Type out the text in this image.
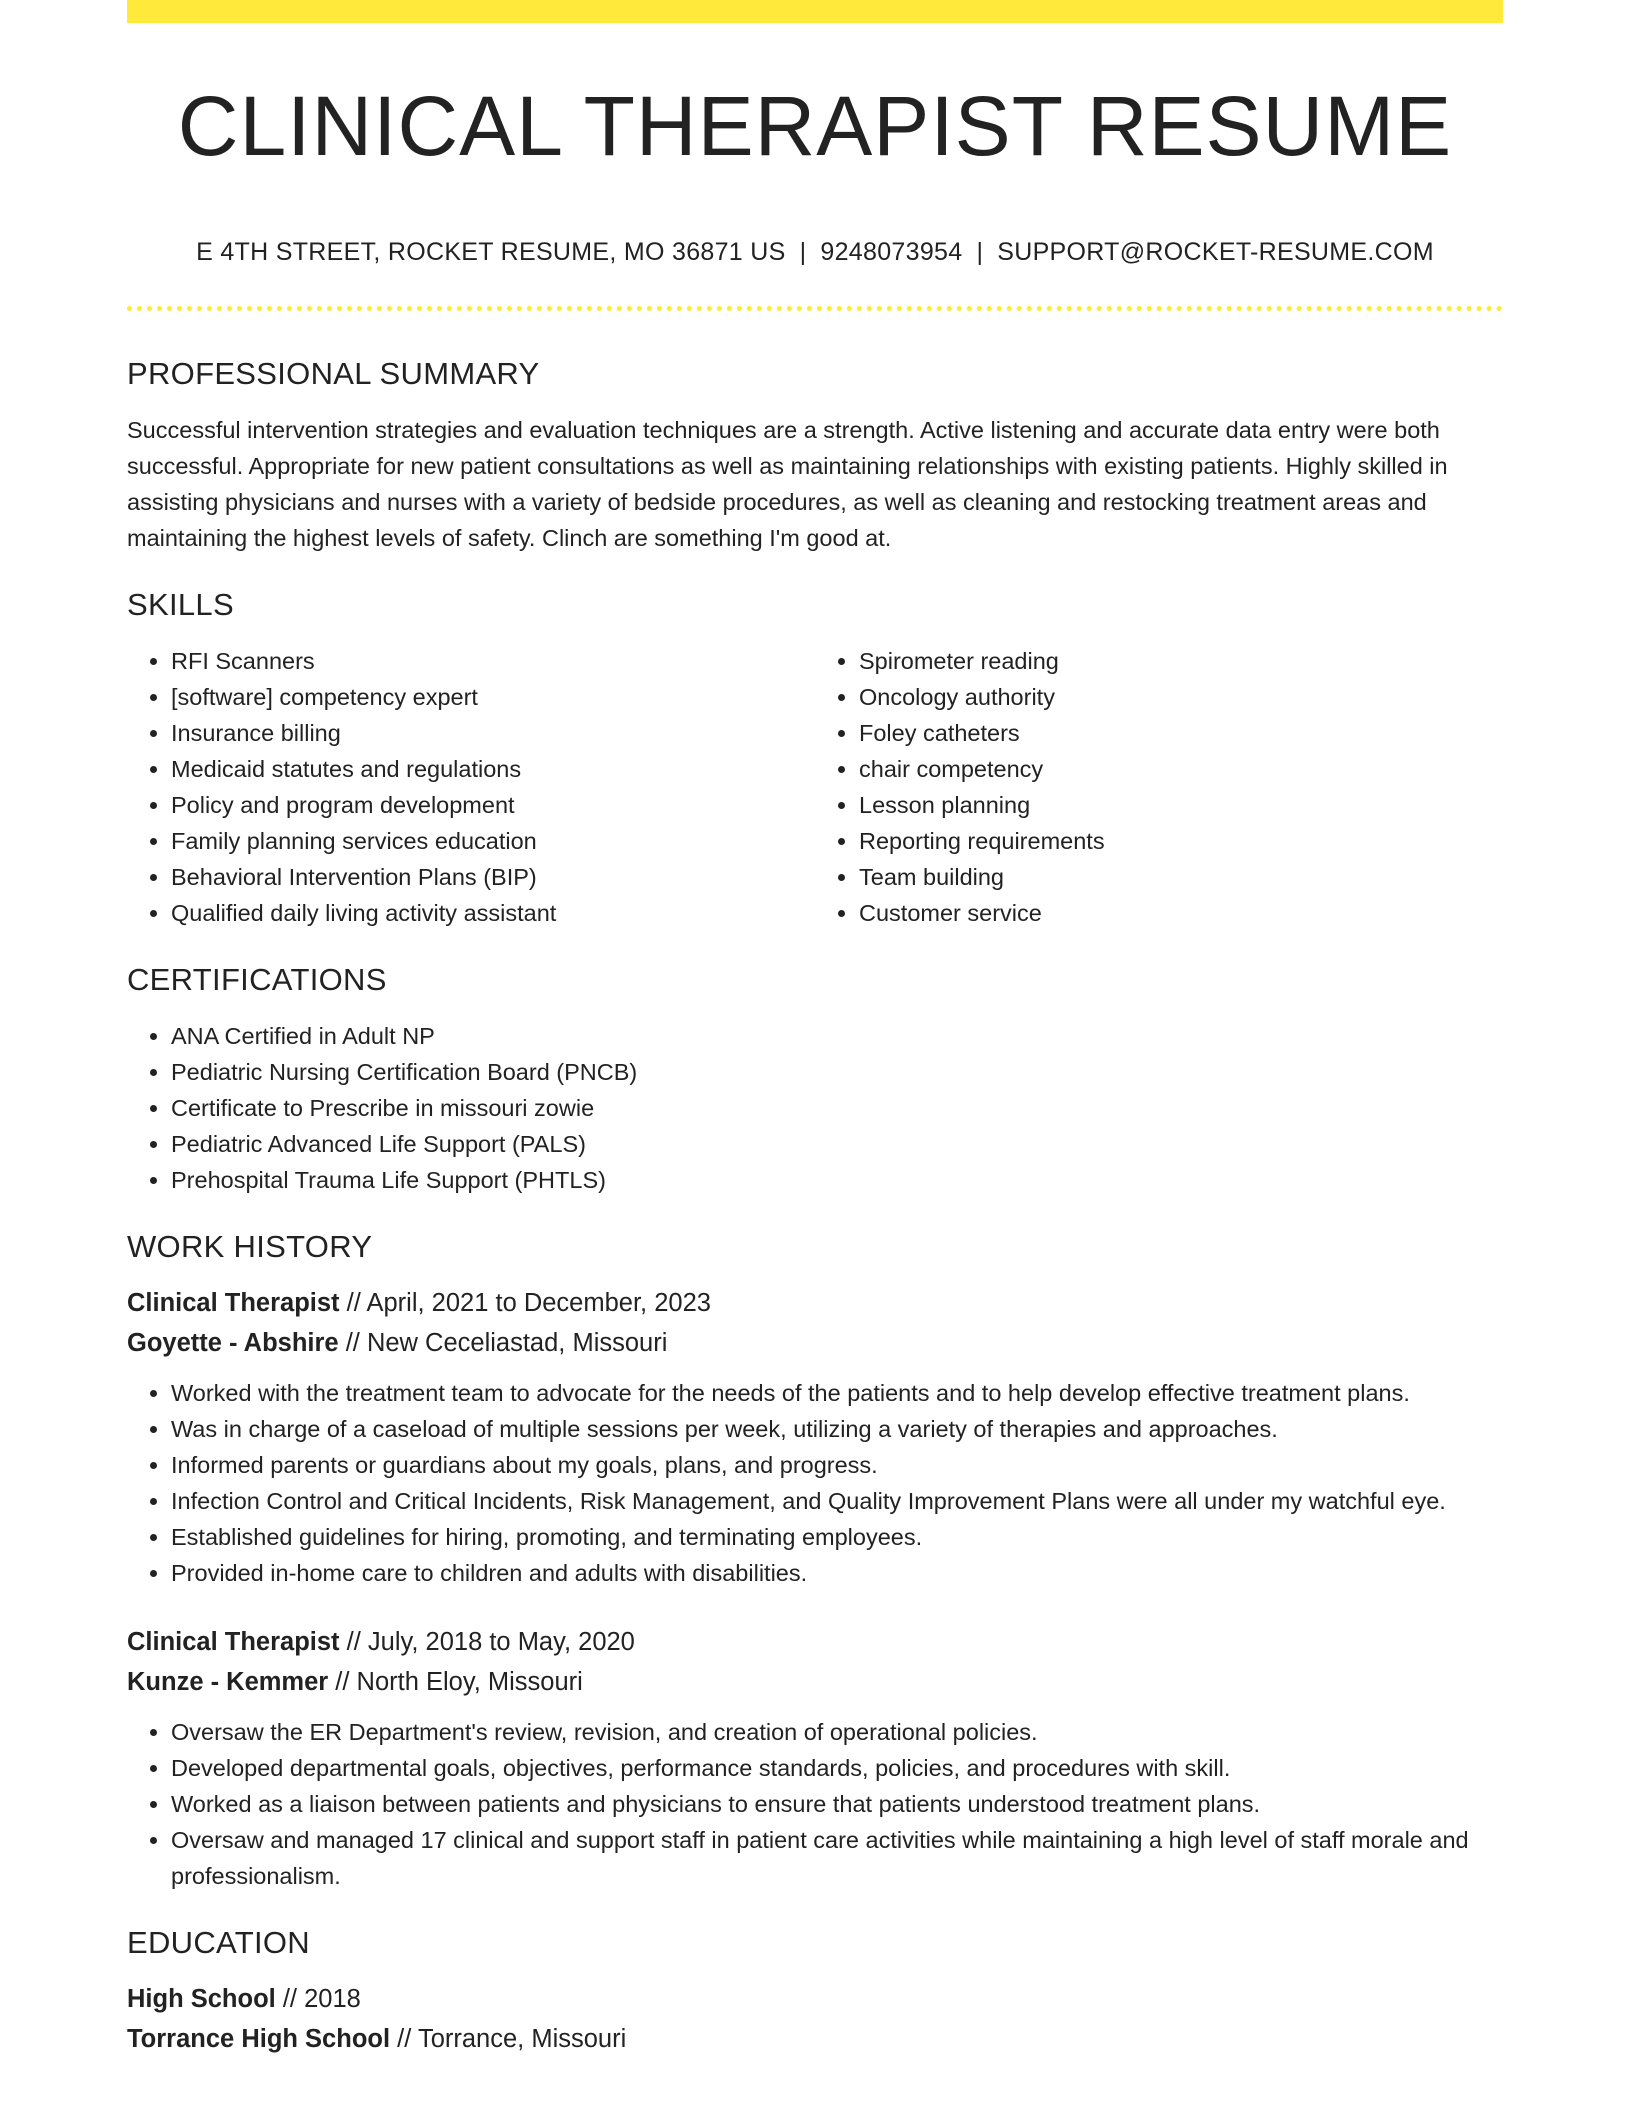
CLINICAL THERAPIST RESUME
E 4TH STREET, ROCKET RESUME, MO 36871 US | 9248073954 | SUPPORT@ROCKET-RESUME.COM
PROFESSIONAL SUMMARY

Successful intervention strategies and evaluation techniques are a strength. Active listening and accurate data entry were both successful. Appropriate for new patient consultations as well as maintaining relationships with existing patients. Highly skilled in assisting physicians and nurses with a variety of bedside procedures, as well as cleaning and restocking treatment areas and maintaining the highest levels of safety. Clinch are something I'm good at.

SKILLS
• RFI Scanners
• [software] competency expert
• Insurance billing
• Medicaid statutes and regulations
• Policy and program development
• Family planning services education
• Behavioral Intervention Plans (BIP)
• Qualified daily living activity assistant
• Spirometer reading
• Oncology authority
• Foley catheters
• chair competency
• Lesson planning
• Reporting requirements
• Team building
• Customer service
CERTIFICATIONS
• ANA Certified in Adult NP
• Pediatric Nursing Certification Board (PNCB)
• Certificate to Prescribe in missouri zowie
• Pediatric Advanced Life Support (PALS)
• Prehospital Trauma Life Support (PHTLS)
WORK HISTORY
Clinical Therapist // April, 2021 to December, 2023
Goyette - Abshire // New Ceceliastad, Missouri
• Worked with the treatment team to advocate for the needs of the patients and to help develop effective treatment plans.
• Was in charge of a caseload of multiple sessions per week, utilizing a variety of therapies and approaches.
• Informed parents or guardians about my goals, plans, and progress.
• Infection Control and Critical Incidents, Risk Management, and Quality Improvement Plans were all under my watchful eye.
• Established guidelines for hiring, promoting, and terminating employees.
• Provided in-home care to children and adults with disabilities.
Clinical Therapist // July, 2018 to May, 2020
Kunze - Kemmer // North Eloy, Missouri
• Oversaw the ER Department's review, revision, and creation of operational policies.
• Developed departmental goals, objectives, performance standards, policies, and procedures with skill.
• Worked as a liaison between patients and physicians to ensure that patients understood treatment plans.
• Oversaw and managed 17 clinical and support staff in patient care activities while maintaining a high level of staff morale and professionalism.
EDUCATION
High School // 2018
Torrance High School // Torrance, Missouri
